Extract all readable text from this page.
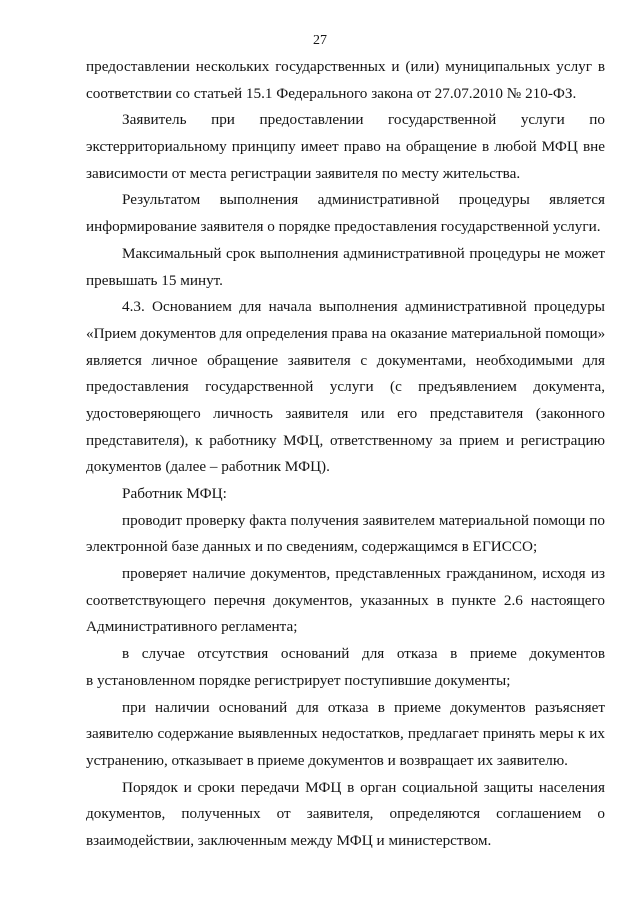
27
предоставлении нескольких государственных и (или) муниципальных услуг в
соответствии со статьей 15.1 Федерального закона от 27.07.2010 № 210-ФЗ.
Заявитель при предоставлении государственной услуги по
экстерриториальному принципу имеет право на обращение в любой МФЦ вне
зависимости от места регистрации заявителя по месту жительства.
Результатом выполнения административной процедуры является
информирование заявителя о порядке предоставления государственной услуги.
Максимальный срок выполнения административной процедуры не может
превышать 15 минут.
4.3. Основанием для начала выполнения административной процедуры
«Прием документов для определения права на оказание материальной помощи»
является личное обращение заявителя с документами, необходимыми для
предоставления государственной услуги (с предъявлением документа,
удостоверяющего личность заявителя или его представителя (законного
представителя), к работнику МФЦ, ответственному за прием и регистрацию
документов (далее – работник МФЦ).
Работник МФЦ:
проводит проверку факта получения заявителем материальной помощи по
электронной базе данных и по сведениям, содержащимся в ЕГИССО;
проверяет наличие документов, представленных гражданином, исходя из
соответствующего перечня документов, указанных в пункте 2.6 настоящего
Административного регламента;
в случае отсутствия оснований для отказа в приеме документов
в установленном порядке регистрирует поступившие документы;
при наличии оснований для отказа в приеме документов разъясняет
заявителю содержание выявленных недостатков, предлагает принять меры к их
устранению, отказывает в приеме документов и возвращает их заявителю.
Порядок и сроки передачи МФЦ в орган социальной защиты населения
документов, полученных от заявителя, определяются соглашением о
взаимодействии, заключенным между МФЦ и министерством.
